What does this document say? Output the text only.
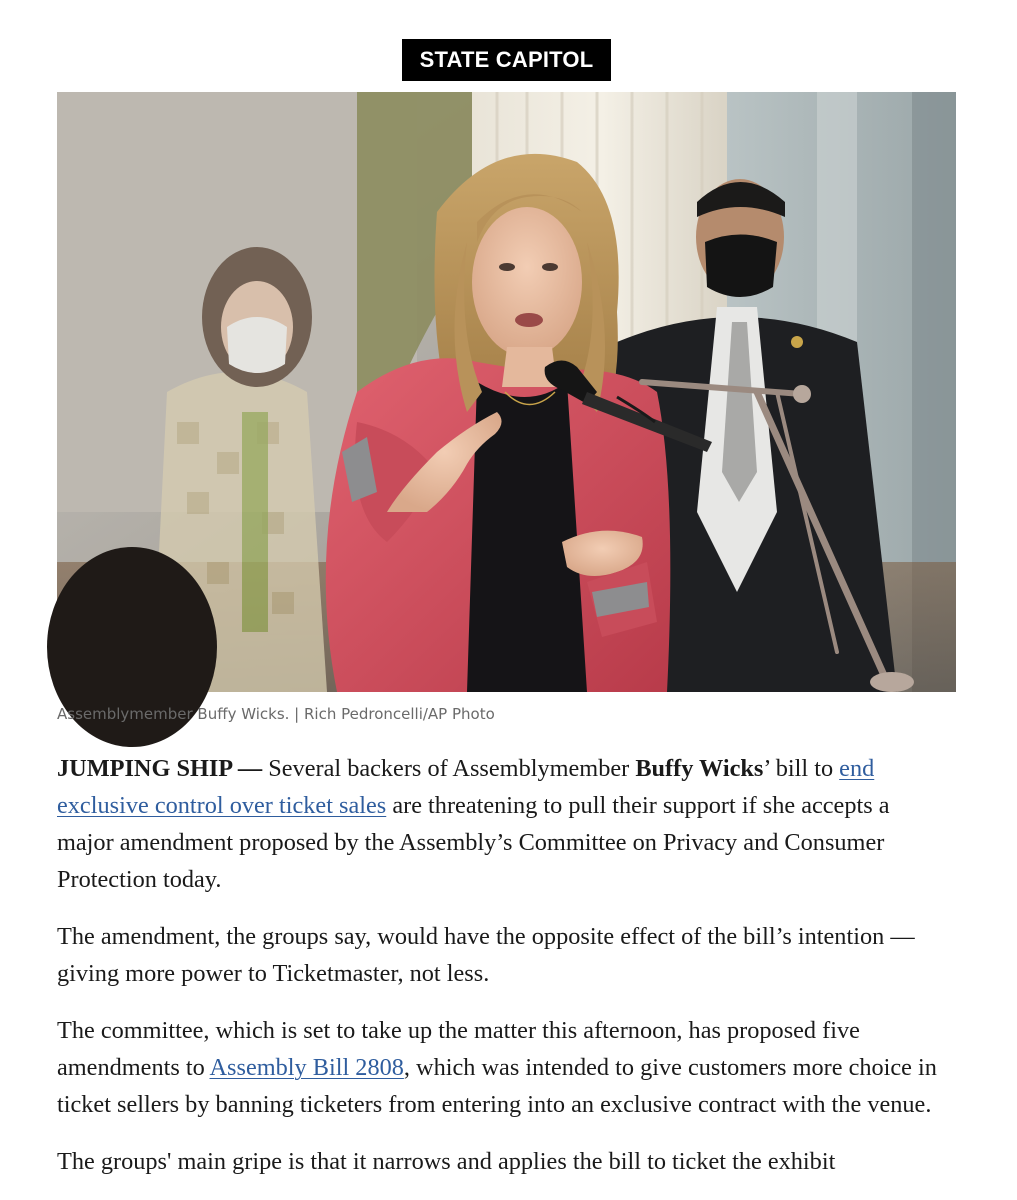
STATE CAPITOL
Assemblymember Buffy Wicks. | Rich Pedroncelli/AP Photo

JUMPING SHIP — Several backers of Assemblymember Buffy Wicks’ bill to end exclusive control over ticket sales are threatening to pull their support if she accepts a major amendment proposed by the Assembly’s Committee on Privacy and Consumer Protection today.

The amendment, the groups say, would have the opposite effect of the bill’s intention — giving more power to Ticketmaster, not less.

The committee, which is set to take up the matter this afternoon, has proposed five amendments to Assembly Bill 2808, which was intended to give customers more choice in ticket sellers by banning ticketers from entering into an exclusive contract with the venue.

The groups' main gripe is that it narrows and applies the bill to ticket the exhibit
